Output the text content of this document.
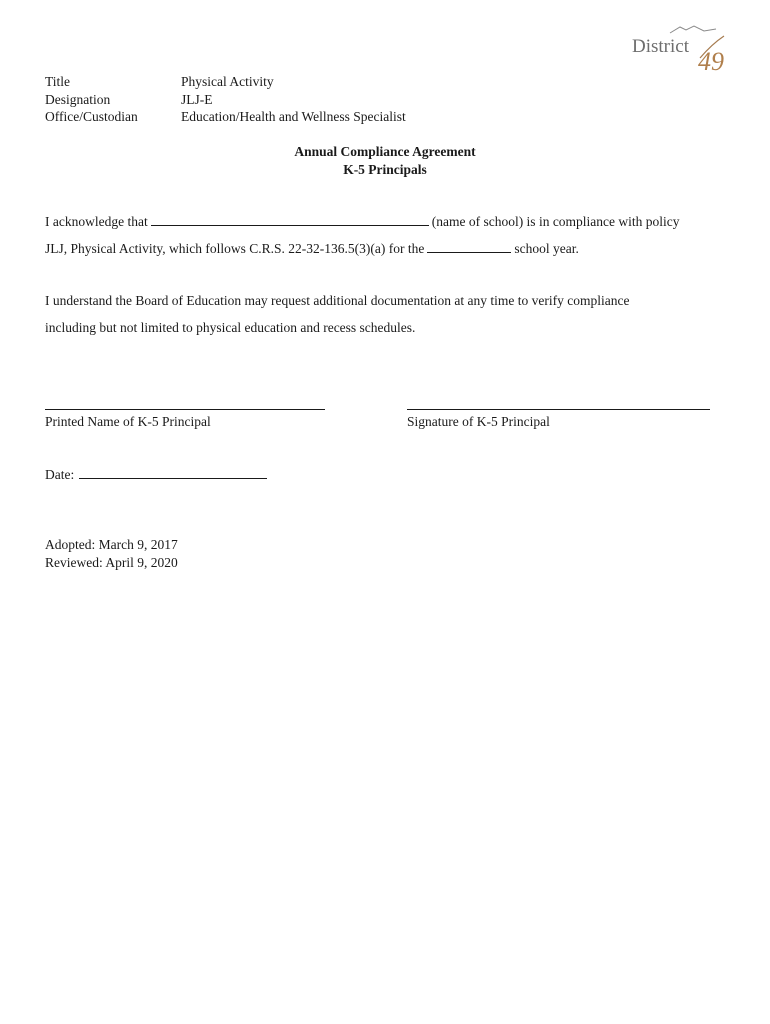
District
49
Title	Physical Activity
Designation	JLJ-E
Office/Custodian	Education/Health and Wellness Specialist
Annual Compliance Agreement
K-5 Principals
I acknowledge that	(name of school) is in compliance with policy
JLJ, Physical Activity, which follows C.R.S. 22-32-136.5(3)(a) for the	school year.
I understand the Board of Education may request additional documentation at any time to verify compliance
including but not limited to physical education and recess schedules.
Printed Name of K-5 Principal	Signature of K-5 Principal
Date:
Adopted: March 9, 2017
Reviewed: April 9, 2020
